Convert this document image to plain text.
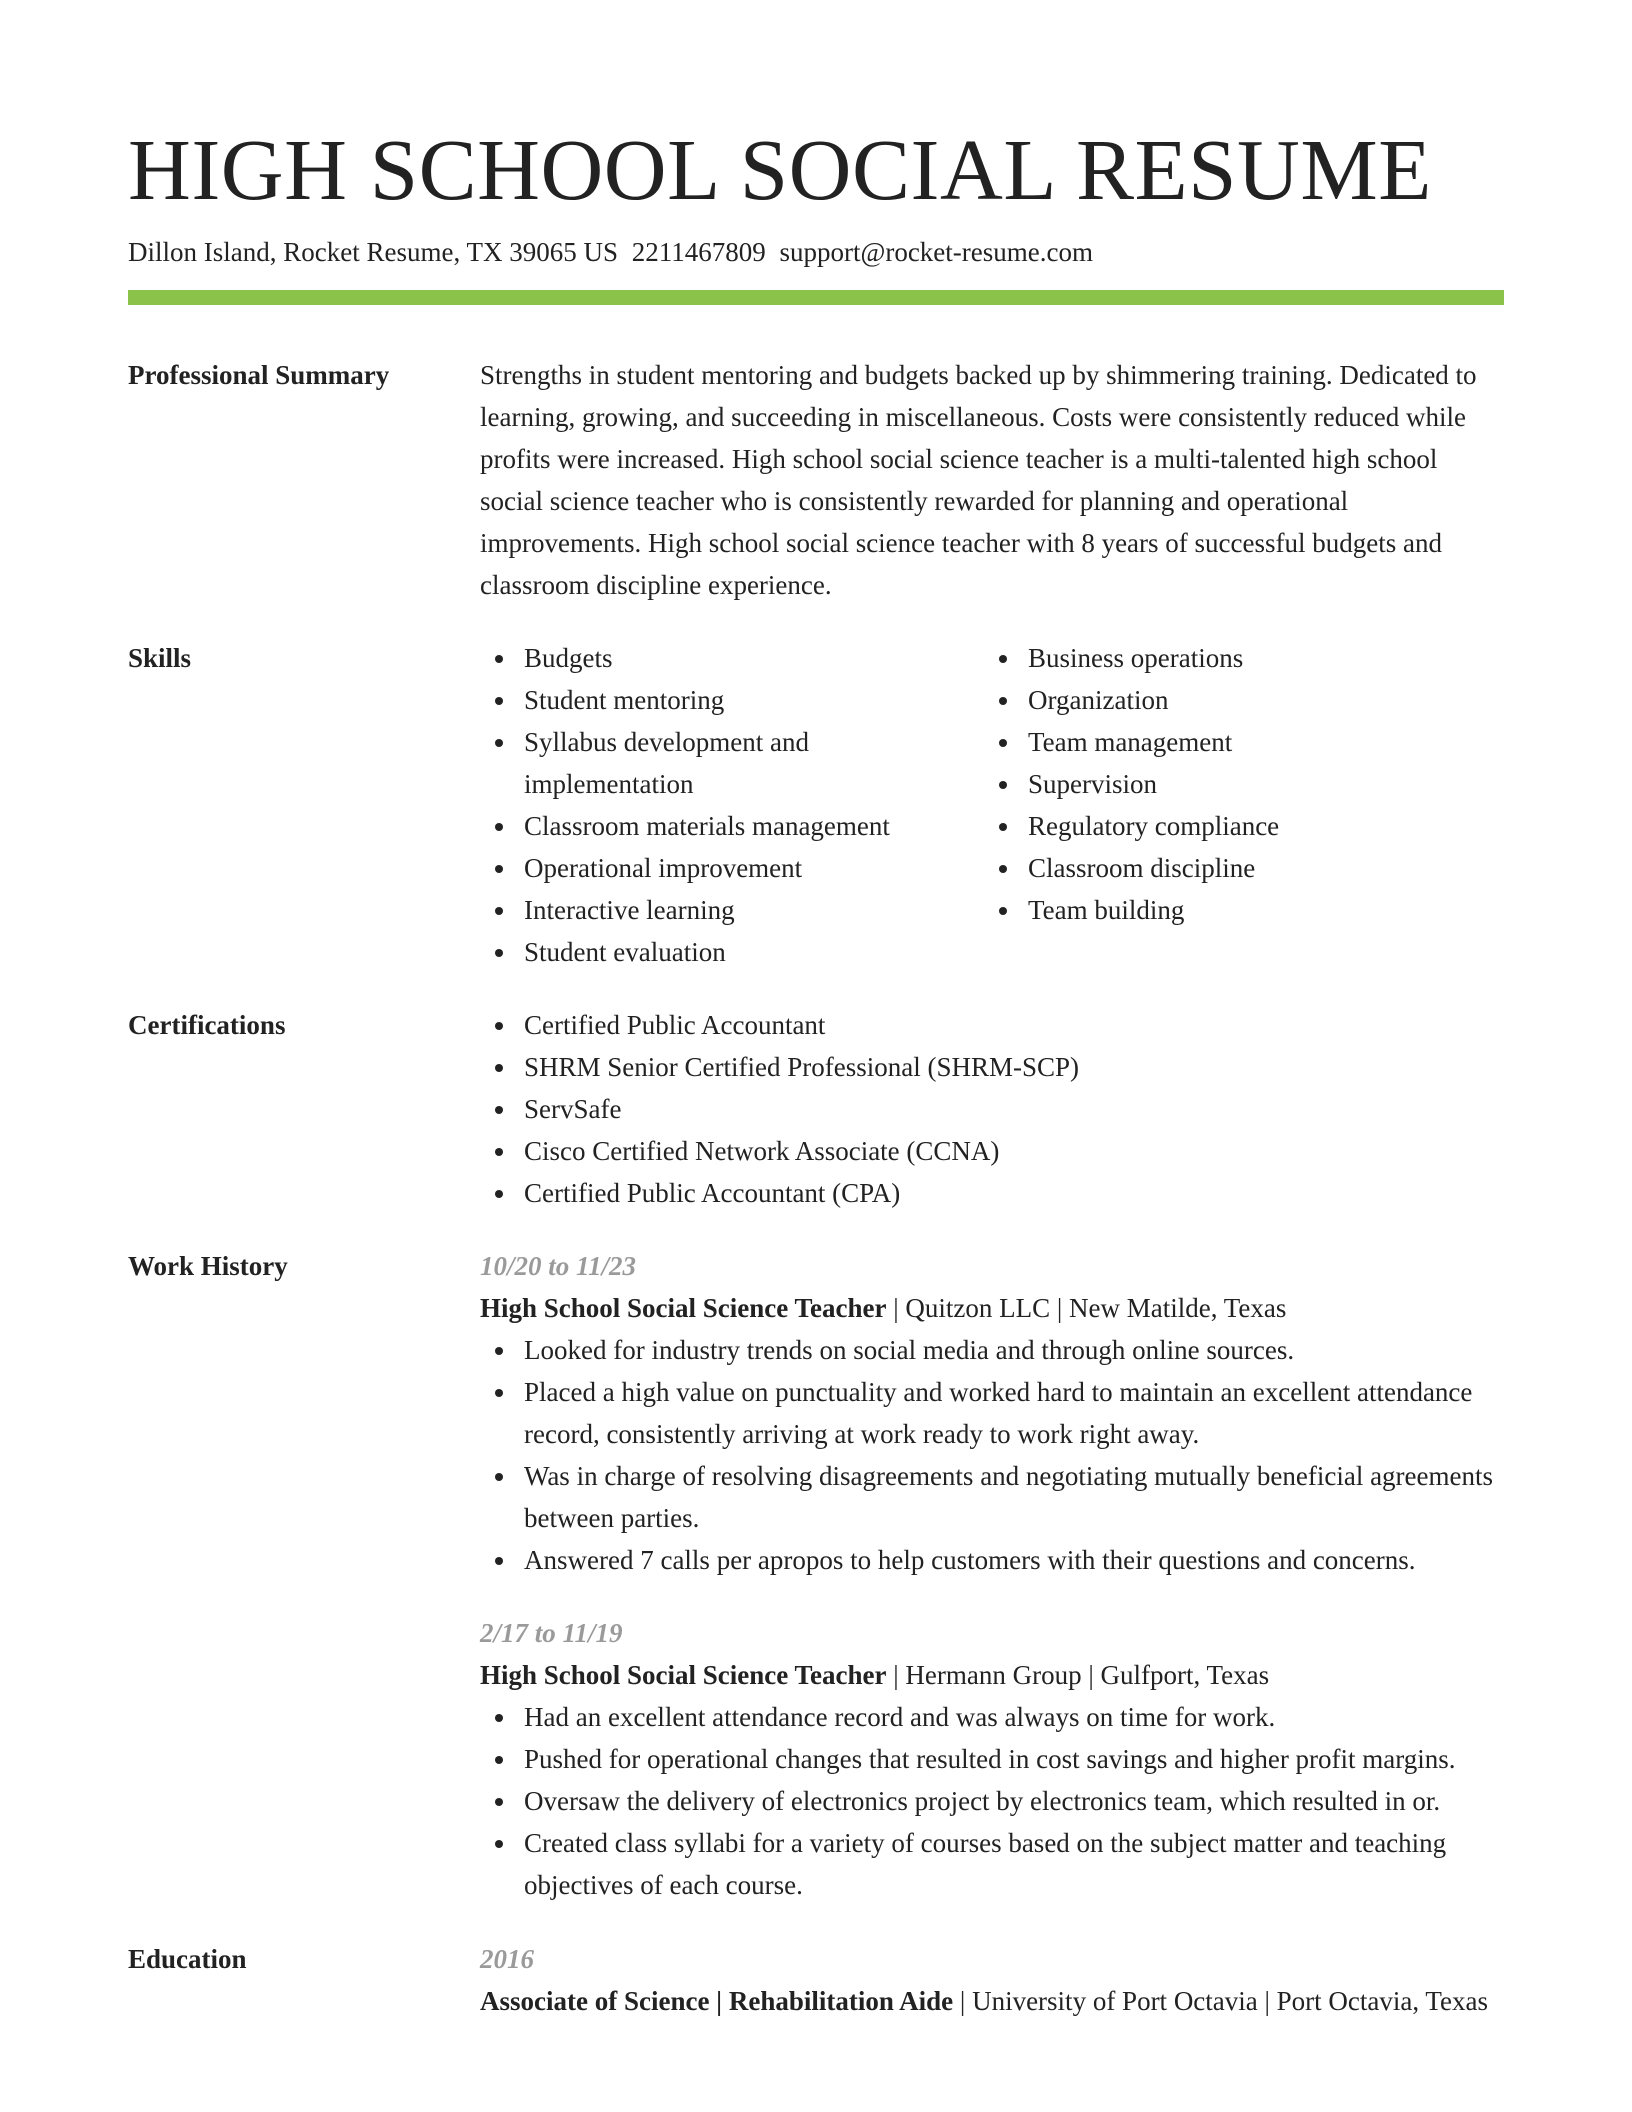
HIGH SCHOOL SOCIAL RESUME
Dillon Island, Rocket Resume, TX 39065 US 2211467809 support@rocket-resume.com
Professional Summary	Strengths in student mentoring and budgets backed up by shimmering training. Dedicated to learning, growing, and succeeding in miscellaneous. Costs were consistently reduced while profits were increased. High school social science teacher is a multi-talented high school social science teacher who is consistently rewarded for planning and operational improvements. High school social science teacher with 8 years of successful budgets and classroom discipline experience.

Skills	Budgets
Student mentoring
Syllabus development and implementation
Classroom materials management
Operational improvement
Interactive learning
Student evaluation
Business operations
Organization
Team management
Supervision
Regulatory compliance
Classroom discipline
Team building
Certifications	Certified Public Accountant
SHRM Senior Certified Professional (SHRM-SCP)
ServSafe
Cisco Certified Network Associate (CCNA)
Certified Public Accountant (CPA)
Work History	10/20 to 11/23
High School Social Science Teacher | Quitzon LLC | New Matilde, Texas
Looked for industry trends on social media and through online sources.
Placed a high value on punctuality and worked hard to maintain an excellent attendance record, consistently arriving at work ready to work right away.
Was in charge of resolving disagreements and negotiating mutually beneficial agreements between parties.
Answered 7 calls per apropos to help customers with their questions and concerns.
2/17 to 11/19
High School Social Science Teacher | Hermann Group | Gulfport, Texas
Had an excellent attendance record and was always on time for work.
Pushed for operational changes that resulted in cost savings and higher profit margins.
Oversaw the delivery of electronics project by electronics team, which resulted in or.
Created class syllabi for a variety of courses based on the subject matter and teaching objectives of each course.
Education	2016
Associate of Science | Rehabilitation Aide | University of Port Octavia | Port Octavia, Texas
